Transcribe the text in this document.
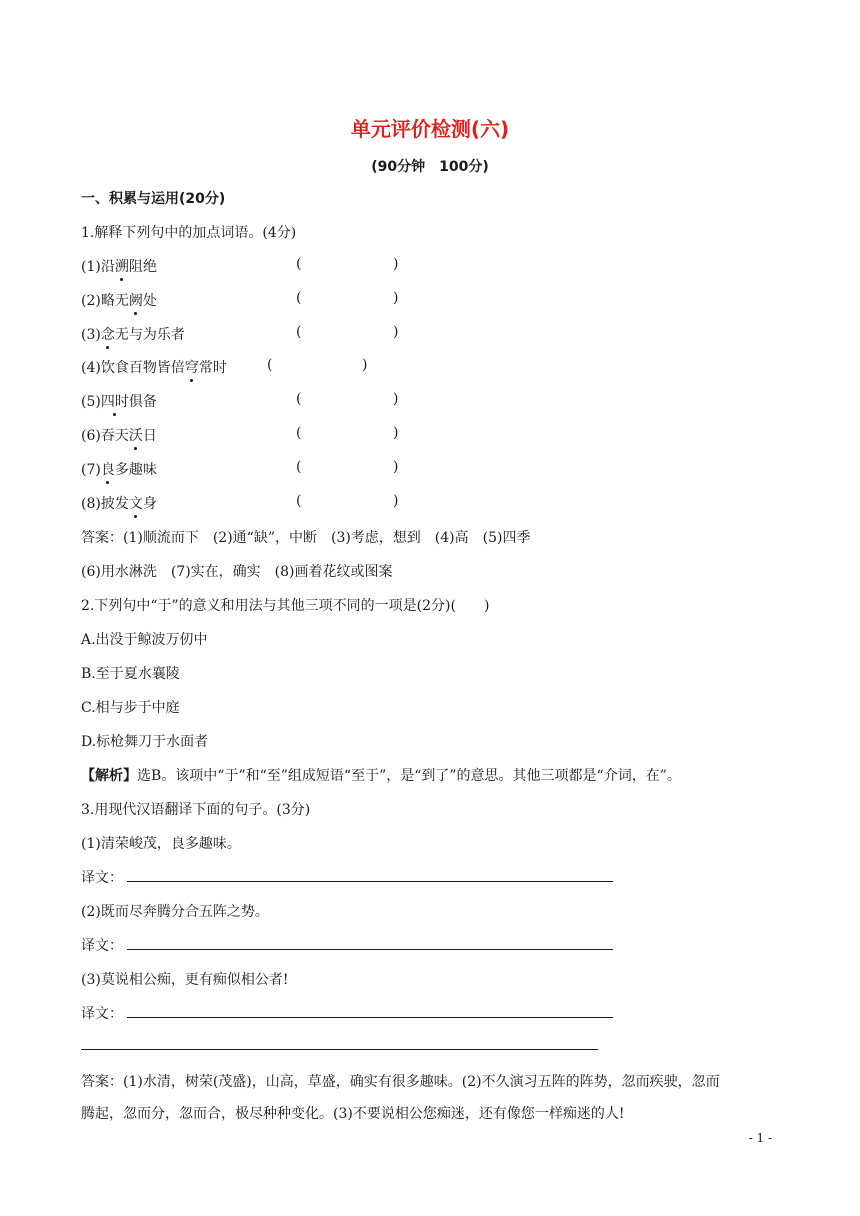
单元评价检测(六)
(90分钟　100分)
一、积累与运用(20分)
1.解释下列句中的加点词语。(4分)
(1)沿溯阻绝	(	)
(2)略无阙处	(	)
(3)念无与为乐者	(	)
(4)饮食百物皆倍穹常时	(	)
(5)四时俱备	(	)
(6)吞天沃日	(	)
(7)良多趣味	(	)
(8)披发文身	(	)
答案：(1)顺流而下　(2)通“缺”，中断　(3)考虑，想到　(4)高　(5)四季
(6)用水淋洗　(7)实在，确实　(8)画着花纹或图案
2.下列句中“于”的意义和用法与其他三项不同的一项是(2分)(　　)
A.出没于鲸波万仞中
B.至于夏水襄陵
C.相与步于中庭
D.标枪舞刀于水面者
【解析】选B。该项中“于”和“至”组成短语“至于”，是“到了”的意思。其他三项都是“介词，在”。
3.用现代汉语翻译下面的句子。(3分)
(1)清荣峻茂，良多趣味。
译文：
(2)既而尽奔腾分合五阵之势。
译文：
(3)莫说相公痴，更有痴似相公者!
译文：
答案：(1)水清，树荣(茂盛)，山高，草盛，确实有很多趣味。(2)不久演习五阵的阵势，忽而疾驶，忽而
腾起，忽而分，忽而合，极尽种种变化。(3)不要说相公您痴迷，还有像您一样痴迷的人!
- 1 -
